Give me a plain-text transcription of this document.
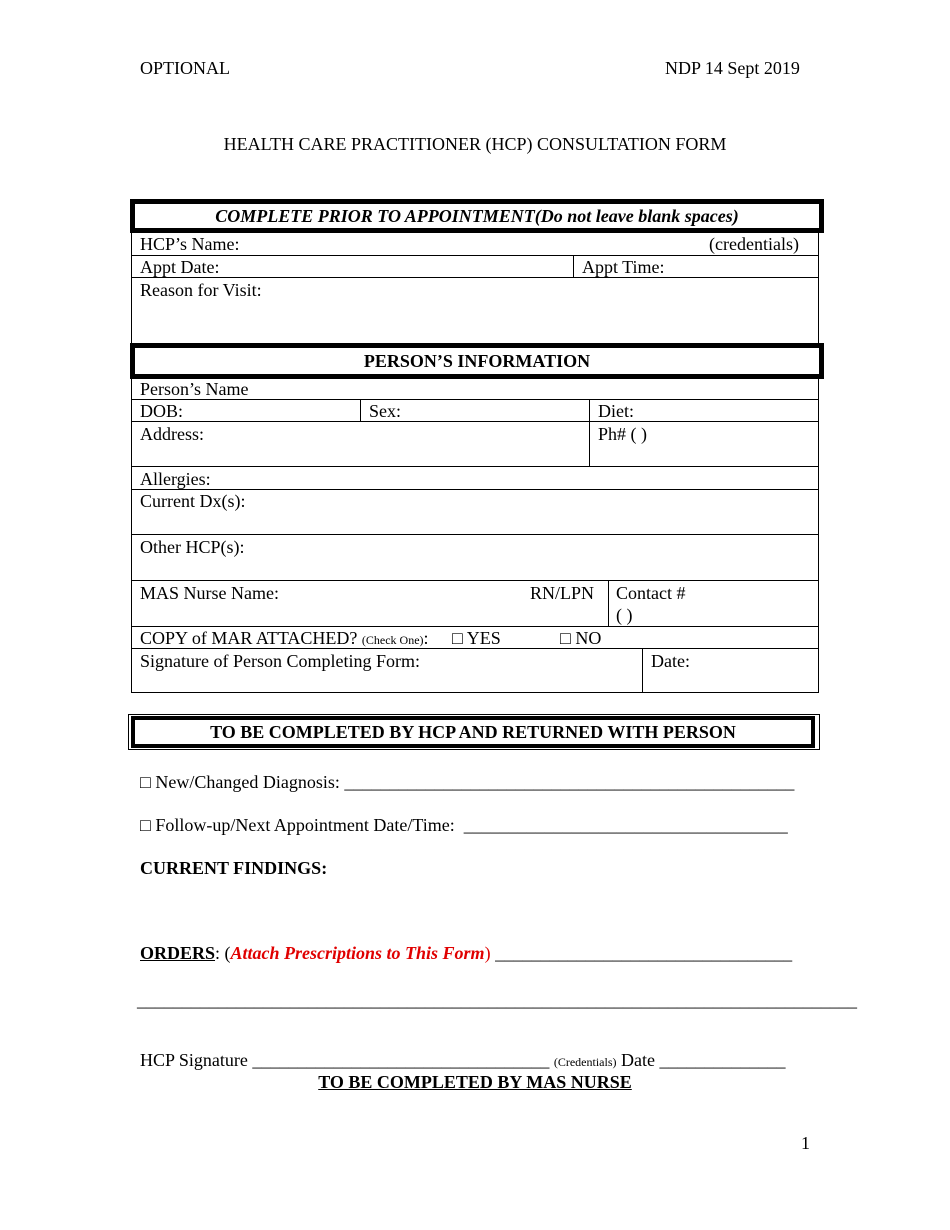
OPTIONAL	NDP 14 Sept 2019
HEALTH CARE PRACTITIONER (HCP) CONSULTATION FORM
COMPLETE PRIOR TO APPOINTMENT(Do not leave blank spaces)
HCP’s Name:	(credentials)
Appt Date:	Appt Time:
Reason for Visit:
PERSON’S INFORMATION
Person’s Name
DOB:	Sex:	Diet:
Address:	Ph# ( )
Allergies:
Current Dx(s):
Other HCP(s):
MAS Nurse Name:	RN/LPN Contact #
( )
COPY of MAR ATTACHED? (Check One): □ YES	□ NO
Signature of Person Completing Form:	Date:
TO BE COMPLETED BY HCP AND RETURNED WITH PERSON
□ New/Changed Diagnosis: __________________________________________________
□ Follow-up/Next Appointment Date/Time: ____________________________________
CURRENT FINDINGS:
ORDERS: (Attach Prescriptions to This Form) _________________________________
________________________________________________________________________________
HCP Signature _________________________________ (Credentials) Date ______________
TO BE COMPLETED BY MAS NURSE
1
